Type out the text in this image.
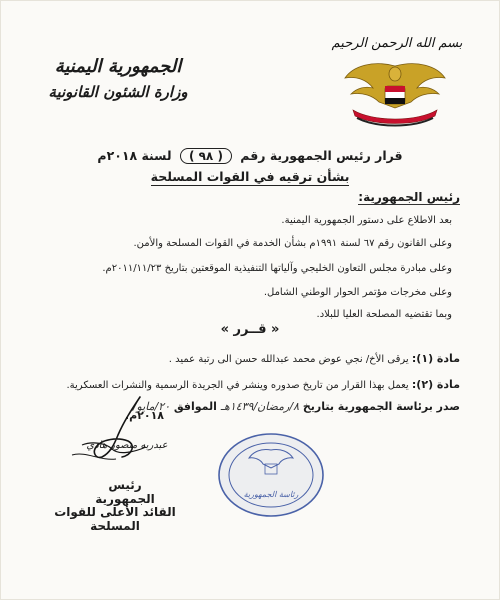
بسم الله الرحمن الرحيم
الجمهورية اليمنية
وزارة الشئون القانونية
قرار رئيس الجمهورية رقم ( ٩٨ ) لسنة ٢٠١٨م
بشأن ترقيه في القوات المسلحة
رئيس الجمهورية:
بعد الاطلاع على دستور الجمهورية اليمنية.
وعلى القانون رقم ٦٧ لسنة ١٩٩١م بشأن الخدمة في القوات المسلحة والأمن.
وعلى مبادرة مجلس التعاون الخليجي وآلياتها التنفيذية الموقعتين بتاريخ ٢٠١١/١١/٢٣م.
وعلى مخرجات مؤتمر الحوار الوطني الشامل.
وبما تقتضيه المصلحة العليا للبلاد.
« قــرر »
مادة (١): يرقى الأخ/ نجي عوض محمد عبدالله حسن الى رتبة عميد .
مادة (٢): يعمل بهذا القرار من تاريخ صدوره وينشر في الجريدة الرسمية والنشرات العسكرية.
صدر برئاسة الجمهورية بتاريخ ٨/رمضان/١٤٣٩هـ الموافق ٢٠/مايو/
٢٠١٨م.
عبدربه منصور هادي
رئيس الجمهورية
القائد الأعلى للقوات المسلحة
رئاسة الجمهورية
